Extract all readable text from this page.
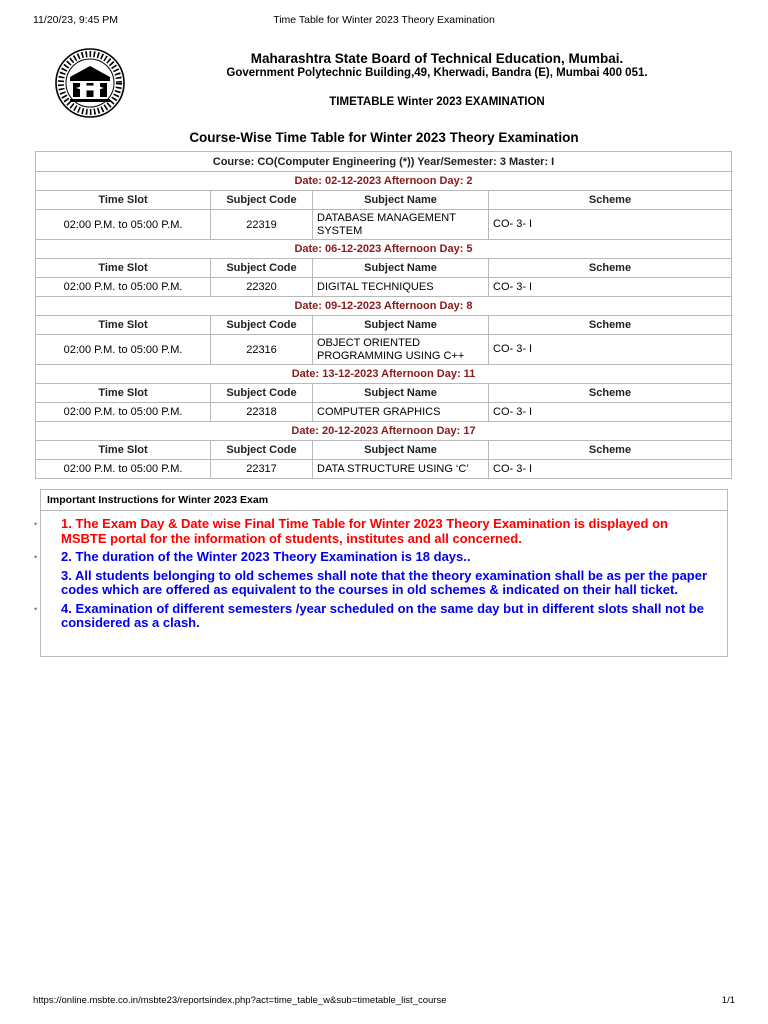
11/20/23, 9:45 PM	Time Table for Winter 2023 Theory Examination
Maharashtra State Board of Technical Education, Mumbai.
Government Polytechnic Building,49, Kherwadi, Bandra (E), Mumbai 400 051.
TIMETABLE Winter 2023 EXAMINATION
Course-Wise Time Table for Winter 2023 Theory Examination
Course: CO(Computer Engineering (*)) Year/Semester: 3 Master: I			
Date: 02-12-2023 Afternoon Day: 2			
Time Slot	Subject Code	Subject Name	Scheme
02:00 P.M. to 05:00 P.M.	22319	DATABASE MANAGEMENT SYSTEM	CO- 3- I
Date: 06-12-2023 Afternoon Day: 5			
Time Slot	Subject Code	Subject Name	Scheme
02:00 P.M. to 05:00 P.M.	22320	DIGITAL TECHNIQUES	CO- 3- I
Date: 09-12-2023 Afternoon Day: 8			
Time Slot	Subject Code	Subject Name	Scheme
02:00 P.M. to 05:00 P.M.	22316	OBJECT ORIENTED PROGRAMMING USING C++	CO- 3- I
Date: 13-12-2023 Afternoon Day: 11			
Time Slot	Subject Code	Subject Name	Scheme
02:00 P.M. to 05:00 P.M.	22318	COMPUTER GRAPHICS	CO- 3- I
Date: 20-12-2023 Afternoon Day: 17			
Time Slot	Subject Code	Subject Name	Scheme
02:00 P.M. to 05:00 P.M.	22317	DATA STRUCTURE USING ‘C’	CO- 3- I
Important Instructions for Winter 2023 Exam
• 1. The Exam Day & Date wise Final Time Table for Winter 2023 Theory Examination is displayed on MSBTE portal for the information of students, institutes and all concerned.
• 2. The duration of the Winter 2023 Theory Examination is 18 days..
3. All students belonging to old schemes shall note that the theory examination shall be as per the paper codes which are offered as equivalent to the courses in old schemes & indicated on their hall ticket.
• 4. Examination of different semesters /year scheduled on the same day but in different slots shall not be considered as a clash.
https://online.msbte.co.in/msbte23/reportsindex.php?act=time_table_w&sub=timetable_list_course	1/1
